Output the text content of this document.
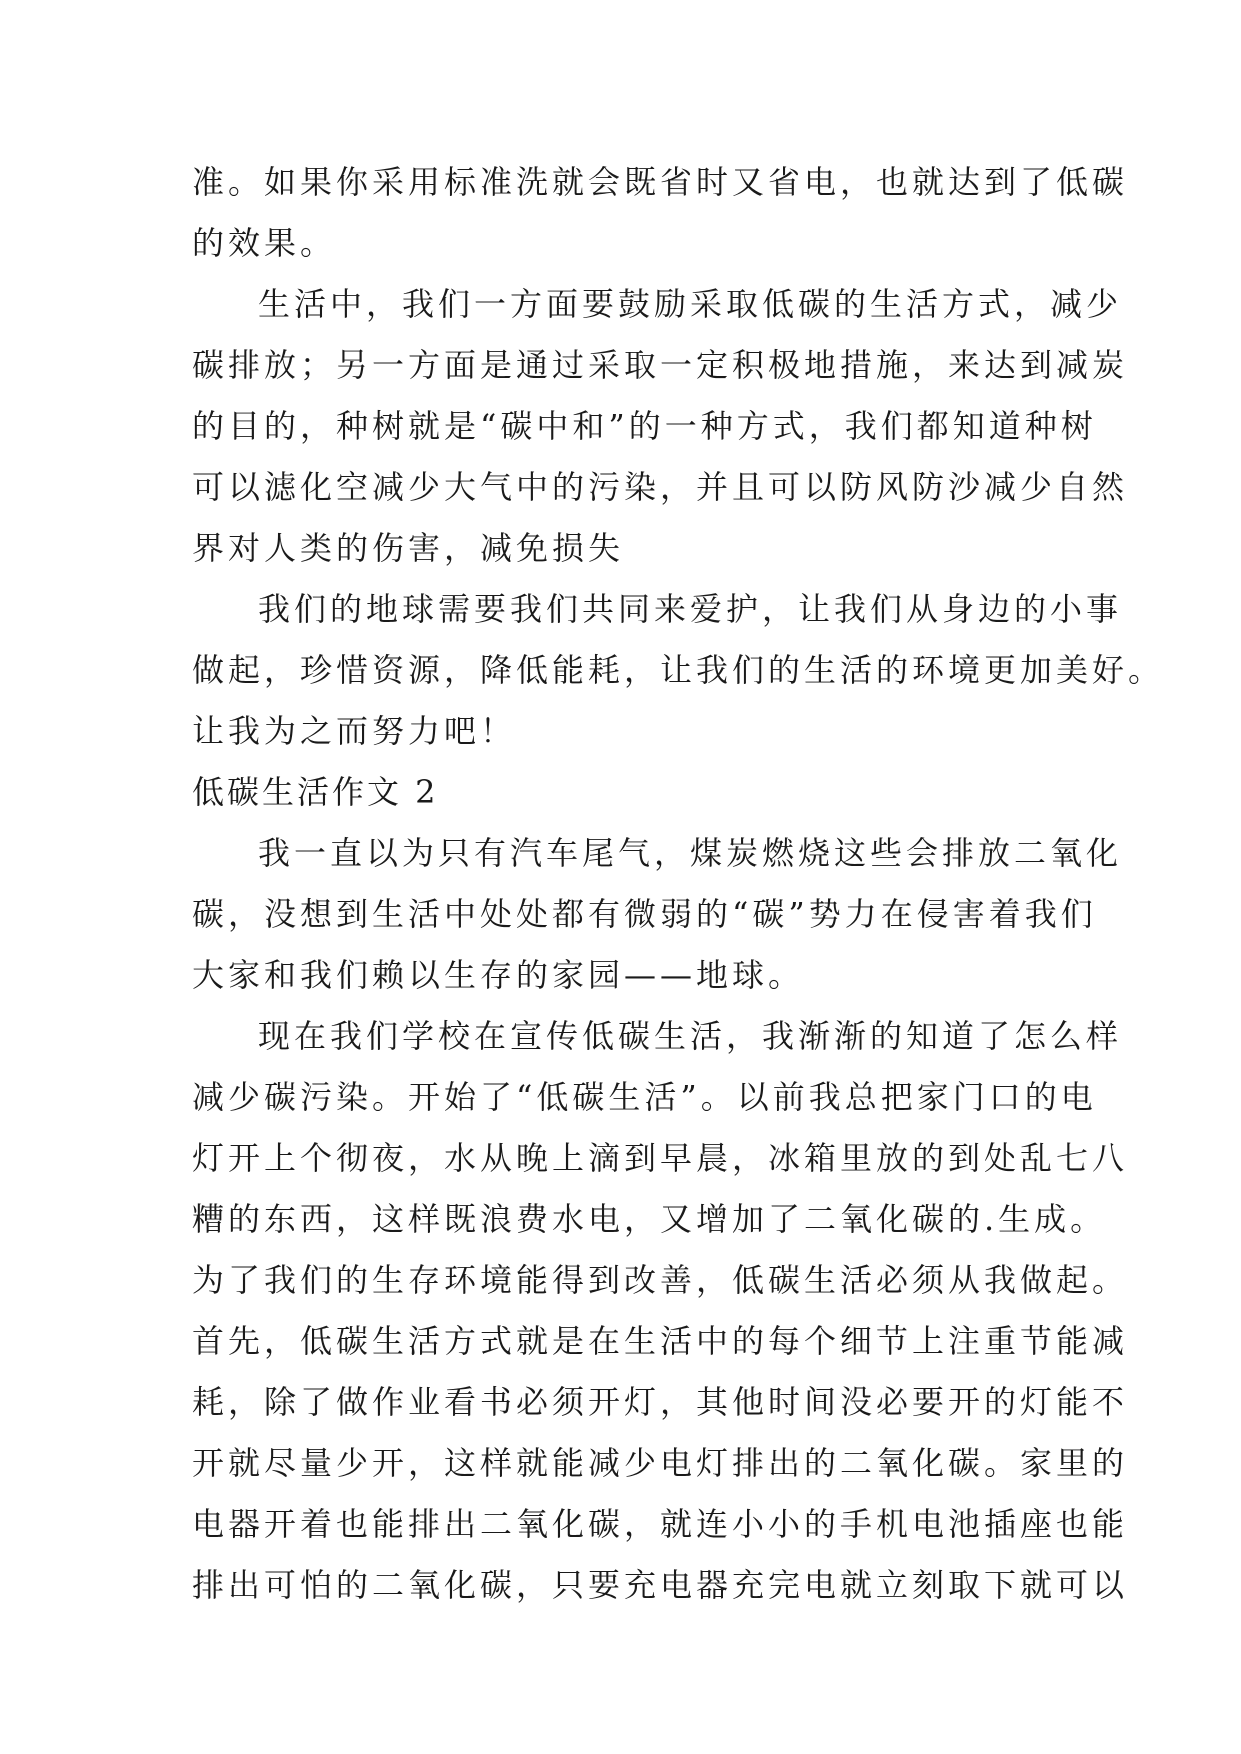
准。如果你采用标准洗就会既省时又省电，也就达到了低碳
的效果。
生活中，我们一方面要鼓励采取低碳的生活方式，减少
碳排放；另一方面是通过采取一定积极地措施，来达到减炭
的目的，种树就是“碳中和”的一种方式，我们都知道种树
可以滤化空减少大气中的污染，并且可以防风防沙减少自然
界对人类的伤害，减免损失
我们的地球需要我们共同来爱护，让我们从身边的小事
做起，珍惜资源，降低能耗，让我们的生活的环境更加美好。
让我为之而努力吧！
低碳生活作文 2
我一直以为只有汽车尾气，煤炭燃烧这些会排放二氧化
碳，没想到生活中处处都有微弱的“碳”势力在侵害着我们
大家和我们赖以生存的家园——地球。
现在我们学校在宣传低碳生活，我渐渐的知道了怎么样
减少碳污染。开始了“低碳生活”。以前我总把家门口的电
灯开上个彻夜，水从晚上滴到早晨，冰箱里放的到处乱七八
糟的东西，这样既浪费水电，又增加了二氧化碳的.生成。
为了我们的生存环境能得到改善，低碳生活必须从我做起。
首先，低碳生活方式就是在生活中的每个细节上注重节能减
耗，除了做作业看书必须开灯，其他时间没必要开的灯能不
开就尽量少开，这样就能减少电灯排出的二氧化碳。家里的
电器开着也能排出二氧化碳，就连小小的手机电池插座也能
排出可怕的二氧化碳，只要充电器充完电就立刻取下就可以
